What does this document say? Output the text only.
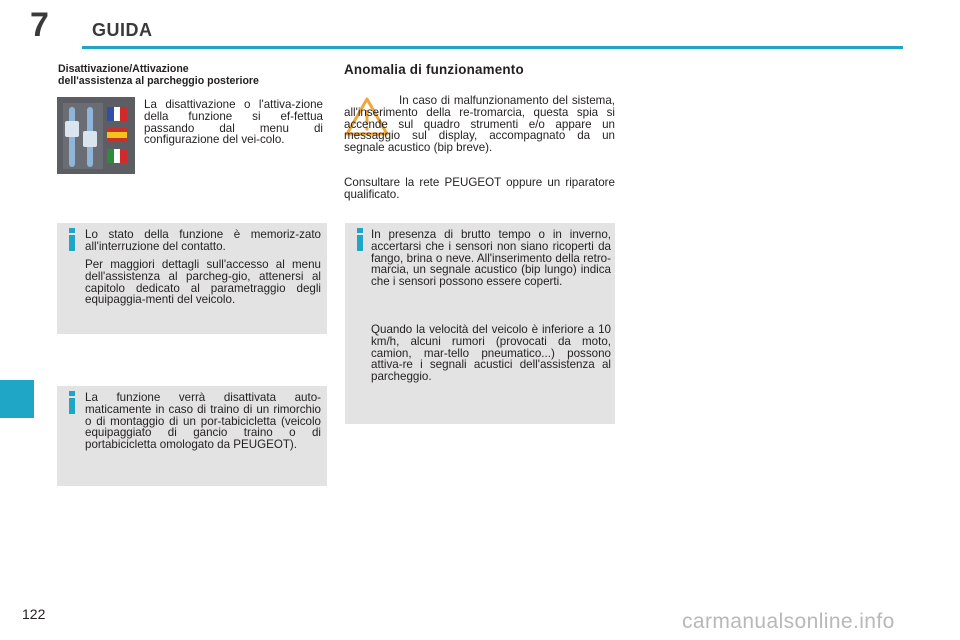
7 GUIDA
Disattivazione/Attivazione
dell'assistenza al parcheggio posteriore

La disattivazione o l'attiva-zione della funzione si ef-fettua passando dal menu di configurazione del vei-colo.

Lo stato della funzione è memoriz-zato all'interruzione del contatto.

Per maggiori dettagli sull'accesso al menu dell'assistenza al parcheg-gio, attenersi al capitolo dedicato al parametraggio degli equipaggia-menti del veicolo.

La funzione verrà disattivata auto-maticamente in caso di traino di un rimorchio o di montaggio di un por-tabicicletta (veicolo equipaggiato di gancio traino o di portabicicletta omologato da PEUGEOT).

Anomalia di funzionamento

In caso di malfunzionamento del sistema, all'inserimento della re-tromarcia, questa spia si accende sul quadro strumenti e/o appare un messaggio sul display, accompagnato da un segnale acustico (bip breve).

Consultare la rete PEUGEOT oppure un riparatore qualificato.

In presenza di brutto tempo o in inverno, accertarsi che i sensori non siano ricoperti da fango, brina o neve. All'inserimento della retro-marcia, un segnale acustico (bip lungo) indica che i sensori possono essere coperti.

Quando la velocità del veicolo è inferiore a 10 km/h, alcuni rumori (provocati da moto, camion, mar-tello pneumatico...) possono attiva-re i segnali acustici dell'assistenza al parcheggio.

122	carmanualsonline.info
